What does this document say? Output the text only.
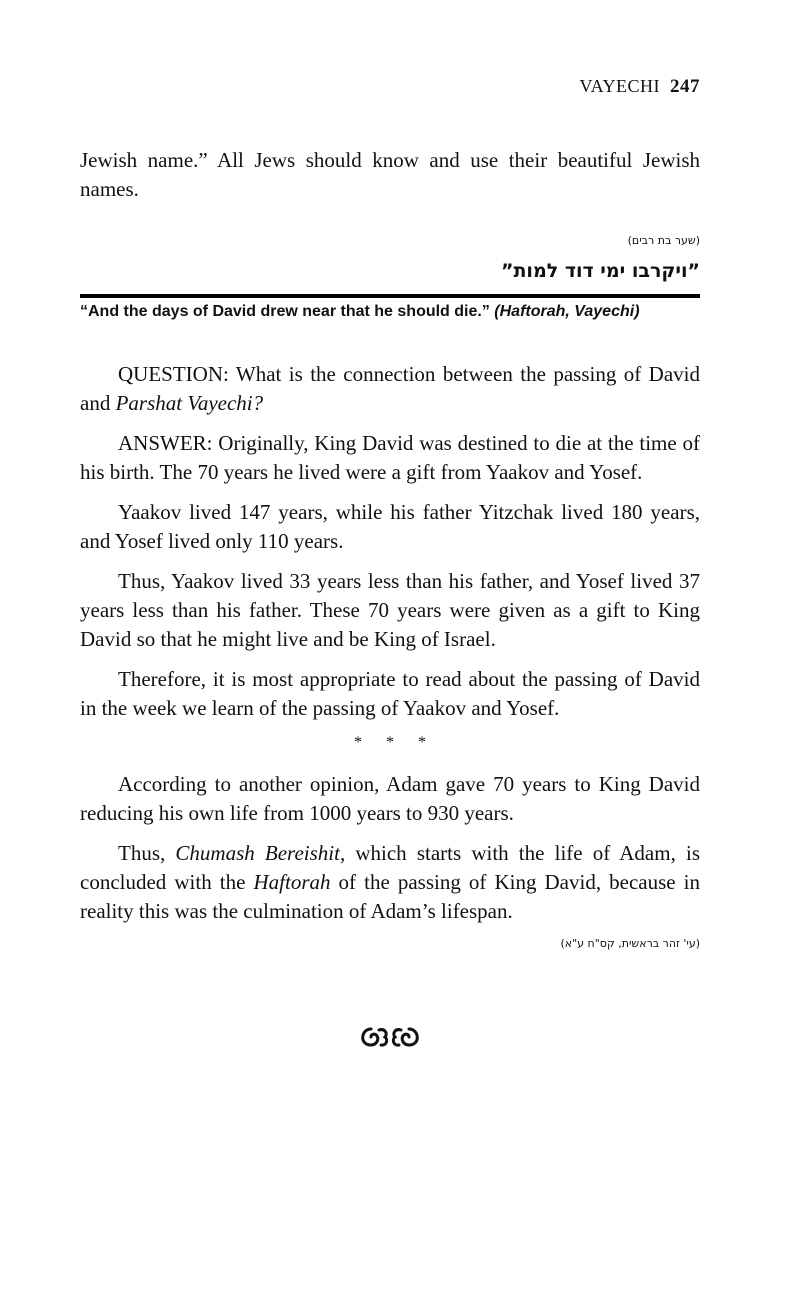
VAYECHI 247

Jewish name.” All Jews should know and use their beautiful Jewish names.

(שער בת רבים)

”ויקרבו ימי דוד למות”

“And the days of David drew near that he should die.” (Haftorah, Vayechi)

QUESTION: What is the connection between the passing of David and Parshat Vayechi?

ANSWER: Originally, King David was destined to die at the time of his birth. The 70 years he lived were a gift from Yaakov and Yosef.

Yaakov lived 147 years, while his father Yitzchak lived 180 years, and Yosef lived only 110 years.

Thus, Yaakov lived 33 years less than his father, and Yosef lived 37 years less than his father. These 70 years were given as a gift to King David so that he might live and be King of Israel.

Therefore, it is most appropriate to read about the passing of David in the week we learn of the passing of Yaakov and Yosef.

* * *

According to another opinion, Adam gave 70 years to King David reducing his own life from 1000 years to 930 years.

Thus, Chumash Bereishit, which starts with the life of Adam, is concluded with the Haftorah of the passing of King David, because in reality this was the culmination of Adam’s lifespan.

(עי' זהר בראשית, קס"ח ע"א)
